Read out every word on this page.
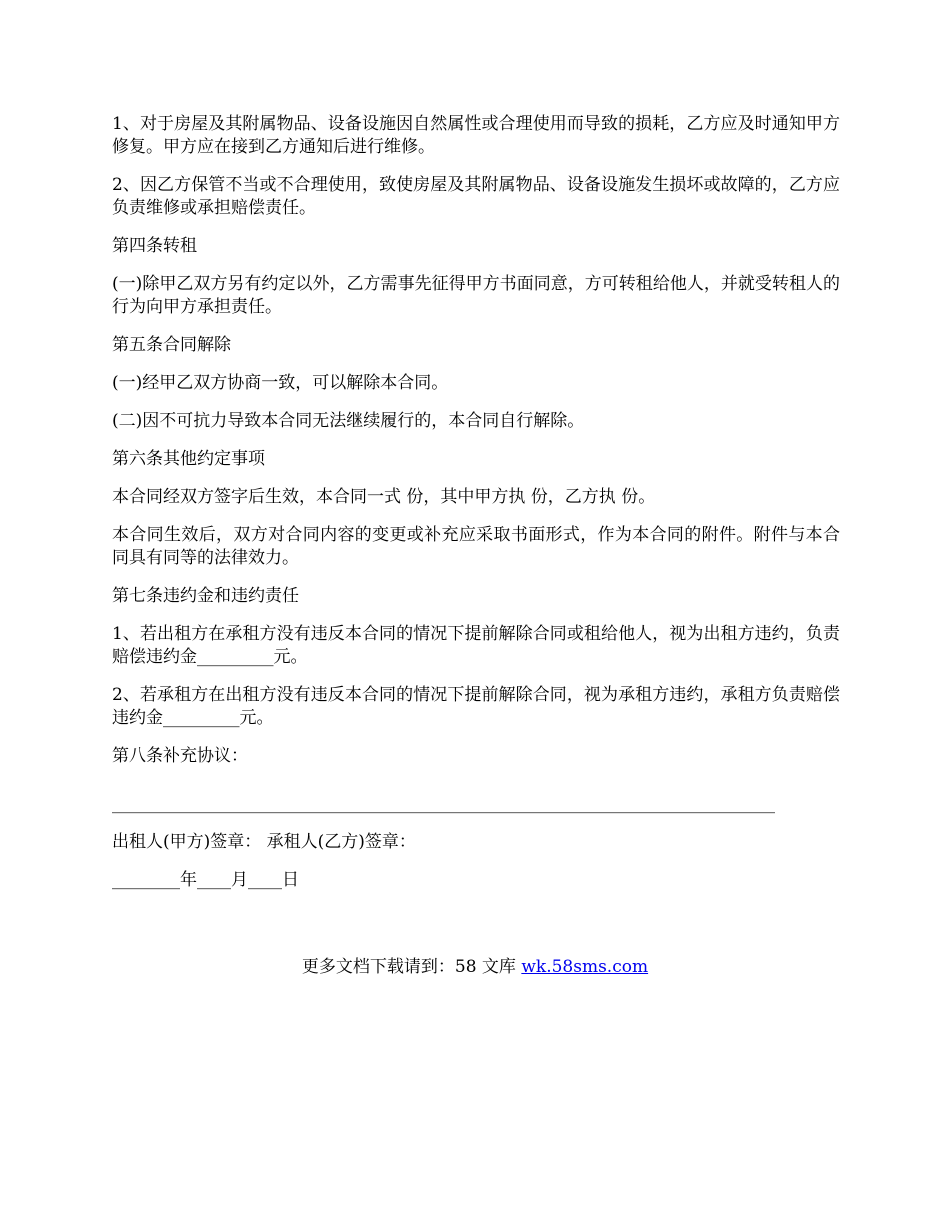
1、对于房屋及其附属物品、设备设施因自然属性或合理使用而导致的损耗，乙方应及时通知甲方修复。甲方应在接到乙方通知后进行维修。

2、因乙方保管不当或不合理使用，致使房屋及其附属物品、设备设施发生损坏或故障的，乙方应负责维修或承担赔偿责任。

第四条转租

(一)除甲乙双方另有约定以外，乙方需事先征得甲方书面同意，方可转租给他人，并就受转租人的行为向甲方承担责任。

第五条合同解除

(一)经甲乙双方协商一致，可以解除本合同。

(二)因不可抗力导致本合同无法继续履行的，本合同自行解除。

第六条其他约定事项

本合同经双方签字后生效，本合同一式 份，其中甲方执 份，乙方执 份。

本合同生效后，双方对合同内容的变更或补充应采取书面形式，作为本合同的附件。附件与本合同具有同等的法律效力。

第七条违约金和违约责任

1、若出租方在承租方没有违反本合同的情况下提前解除合同或租给他人，视为出租方违约，负责赔偿违约金_________元。

2、若承租方在出租方没有违反本合同的情况下提前解除合同，视为承租方违约，承租方负责赔偿违约金_________元。

第八条补充协议：

______________________________________________________________________________

出租人(甲方)签章： 承租人(乙方)签章：

________年____月____日

更多文档下载请到：58 文库 wk.58sms.com
